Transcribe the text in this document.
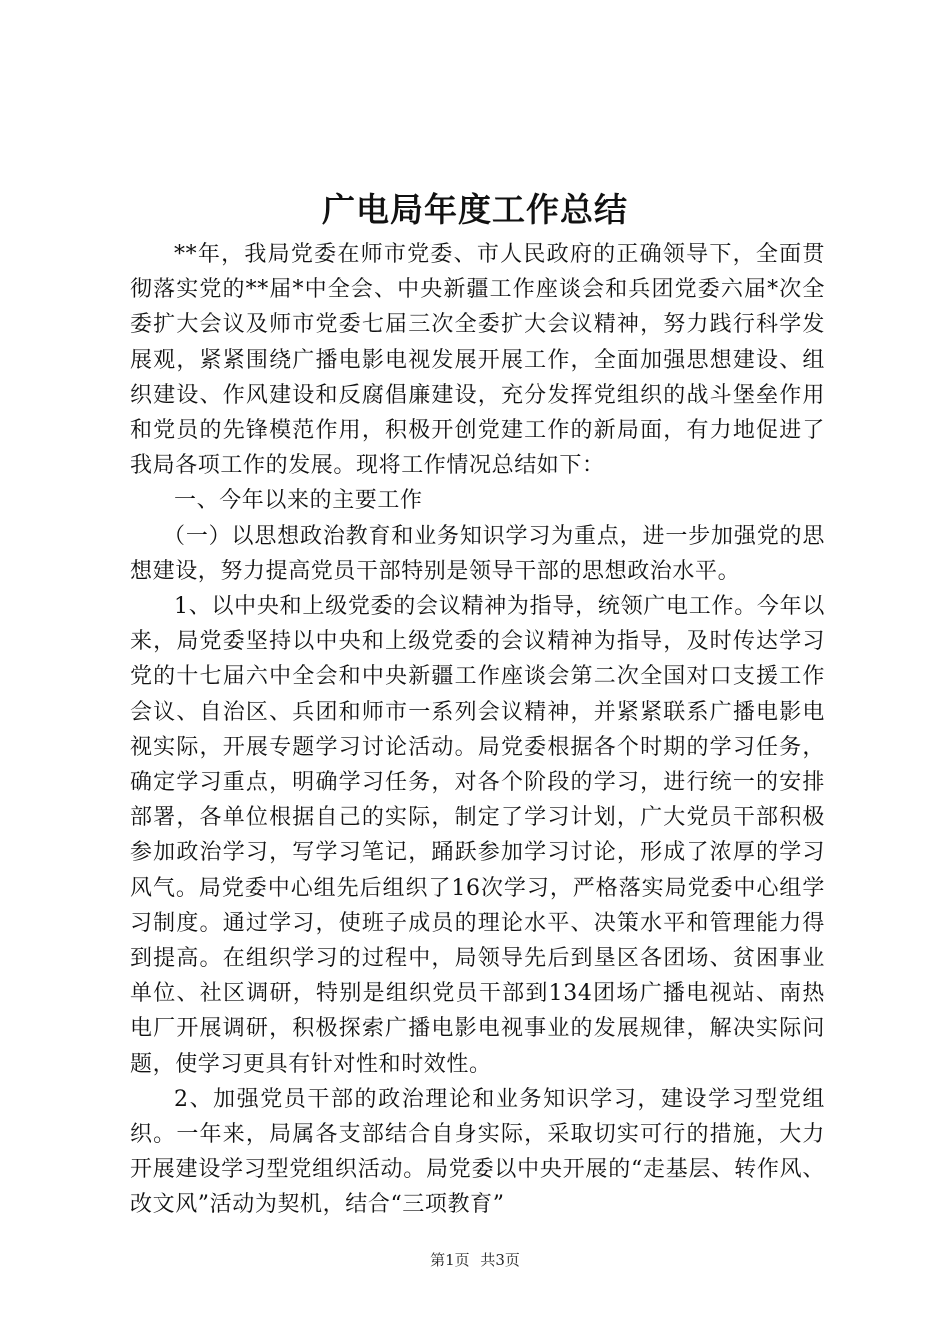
广电局年度工作总结

**年，我局党委在师市党委、市人民政府的正确领导下，全面贯彻落实党的**届*中全会、中央新疆工作座谈会和兵团党委六届*次全委扩大会议及师市党委七届三次全委扩大会议精神，努力践行科学发展观，紧紧围绕广播电影电视发展开展工作，全面加强思想建设、组织建设、作风建设和反腐倡廉建设，充分发挥党组织的战斗堡垒作用和党员的先锋模范作用，积极开创党建工作的新局面，有力地促进了我局各项工作的发展。现将工作情况总结如下：

一、今年以来的主要工作

（一）以思想政治教育和业务知识学习为重点，进一步加强党的思想建设，努力提高党员干部特别是领导干部的思想政治水平。

1、以中央和上级党委的会议精神为指导，统领广电工作。今年以来，局党委坚持以中央和上级党委的会议精神为指导，及时传达学习党的十七届六中全会和中央新疆工作座谈会第二次全国对口支援工作会议、自治区、兵团和师市一系列会议精神，并紧紧联系广播电影电视实际，开展专题学习讨论活动。局党委根据各个时期的学习任务，确定学习重点，明确学习任务，对各个阶段的学习，进行统一的安排部署，各单位根据自己的实际，制定了学习计划，广大党员干部积极参加政治学习，写学习笔记，踊跃参加学习讨论，形成了浓厚的学习风气。局党委中心组先后组织了16次学习，严格落实局党委中心组学习制度。通过学习，使班子成员的理论水平、决策水平和管理能力得到提高。在组织学习的过程中，局领导先后到垦区各团场、贫困事业单位、社区调研，特别是组织党员干部到134团场广播电视站、南热电厂开展调研，积极探索广播电影电视事业的发展规律，解决实际问题，使学习更具有针对性和时效性。

2、加强党员干部的政治理论和业务知识学习，建设学习型党组织。一年来，局属各支部结合自身实际，采取切实可行的措施，大力开展建设学习型党组织活动。局党委以中央开展的“走基层、转作风、改文风”活动为契机，结合“三项教育”

第1页 共3页
